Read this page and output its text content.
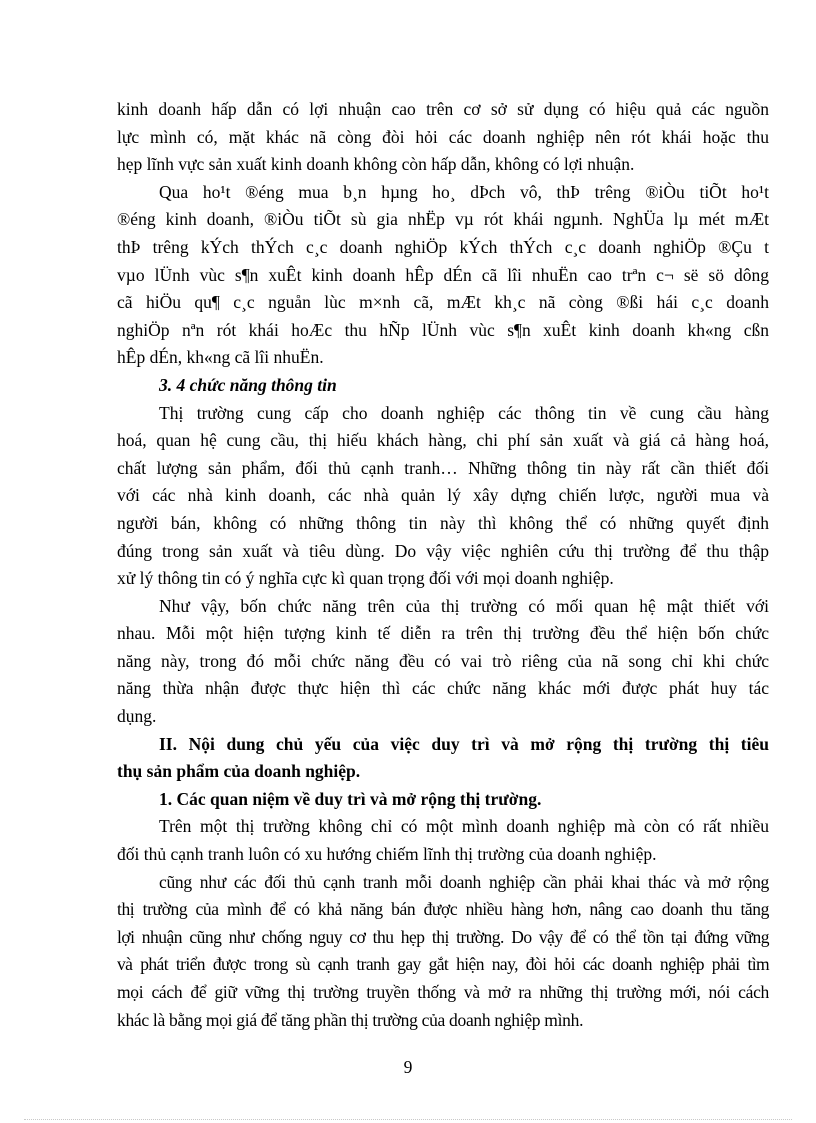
kinh doanh hấp dẫn có lợi nhuận cao trên cơ sở sử dụng có hiệu quả các nguồn
lực mình có, mặt khác nã còng đòi hỏi các doanh nghiệp nên rót khái hoặc thu
hẹp lĩnh vực sản xuất kinh doanh không còn hấp dẫn, không có lợi nhuận.
Qua ho¹t ®éng mua b¸n hµng ho¸ dÞch vô, thÞ trêng ®iÒu tiÕt ho¹t
®éng kinh doanh, ®iÒu tiÕt sù gia nhËp vµ rót khái ngµnh. NghÜa lµ mét mÆt
thÞ trêng kÝch thÝch c¸c doanh nghiÖp kÝch thÝch c¸c doanh nghiÖp ®Çu t
vµo lÜnh vùc s¶n xuÊt kinh doanh hÊp dÉn cã lîi nhuËn cao trªn c¬ së sö dông
cã hiÖu qu¶ c¸c nguån lùc m×nh cã, mÆt kh¸c nã còng ®ßi hái c¸c doanh
nghiÖp nªn rót khái hoÆc thu hÑp lÜnh vùc s¶n xuÊt kinh doanh kh«ng cßn
hÊp dÉn, kh«ng cã lîi nhuËn.
3. 4 chức năng thông tin
Thị trường cung cấp cho doanh nghiệp các thông tin về cung cầu hàng
hoá, quan hệ cung cầu, thị hiếu khách hàng, chi phí sản xuất và giá cả hàng hoá,
chất lượng sản phẩm, đối thủ cạnh tranh… Những thông tin này rất cần thiết đối
với các nhà kinh doanh, các nhà quản lý xây dựng chiến lược, người mua và
người bán, không có những thông tin này thì không thể có những quyết định
đúng trong sản xuất và tiêu dùng. Do vậy việc nghiên cứu thị trường để thu thập
xử lý thông tin có ý nghĩa cực kì quan trọng đối với mọi doanh nghiệp.
Như vậy, bốn chức năng trên của thị trường có mối quan hệ mật thiết với
nhau. Mỗi một hiện tượng kinh tế diễn ra trên thị trường đều thể hiện bốn chức
năng này, trong đó mỗi chức năng đều có vai trò riêng của nã song chỉ khi chức
năng thừa nhận được thực hiện thì các chức năng khác mới được phát huy tác
dụng.
II. Nội dung chủ yếu của việc duy trì và mở rộng thị trường thị tiêu
thụ sản phẩm của doanh nghiệp.
1. Các quan niệm về duy trì và mở rộng thị trường.
Trên một thị trường không chỉ có một mình doanh nghiệp mà còn có rất nhiều
đối thủ cạnh tranh luôn có xu hướng chiếm lĩnh thị trường của doanh nghiệp.
cũng như các đối thủ cạnh tranh mỗi doanh nghiệp cần phải khai thác và mở rộng
thị trường của mình để có khả năng bán được nhiều hàng hơn, nâng cao doanh thu tăng
lợi nhuận cũng như chống nguy cơ thu hẹp thị trường. Do vậy để có thể tồn tại đứng vững
và phát triển được trong sù cạnh tranh gay gắt hiện nay, đòi hỏi các doanh nghiệp phải tìm
mọi cách để giữ vững thị trường truyền thống và mở ra những thị trường mới, nói cách
khác là bằng mọi giá để tăng phần thị trường của doanh nghiệp mình.
9
